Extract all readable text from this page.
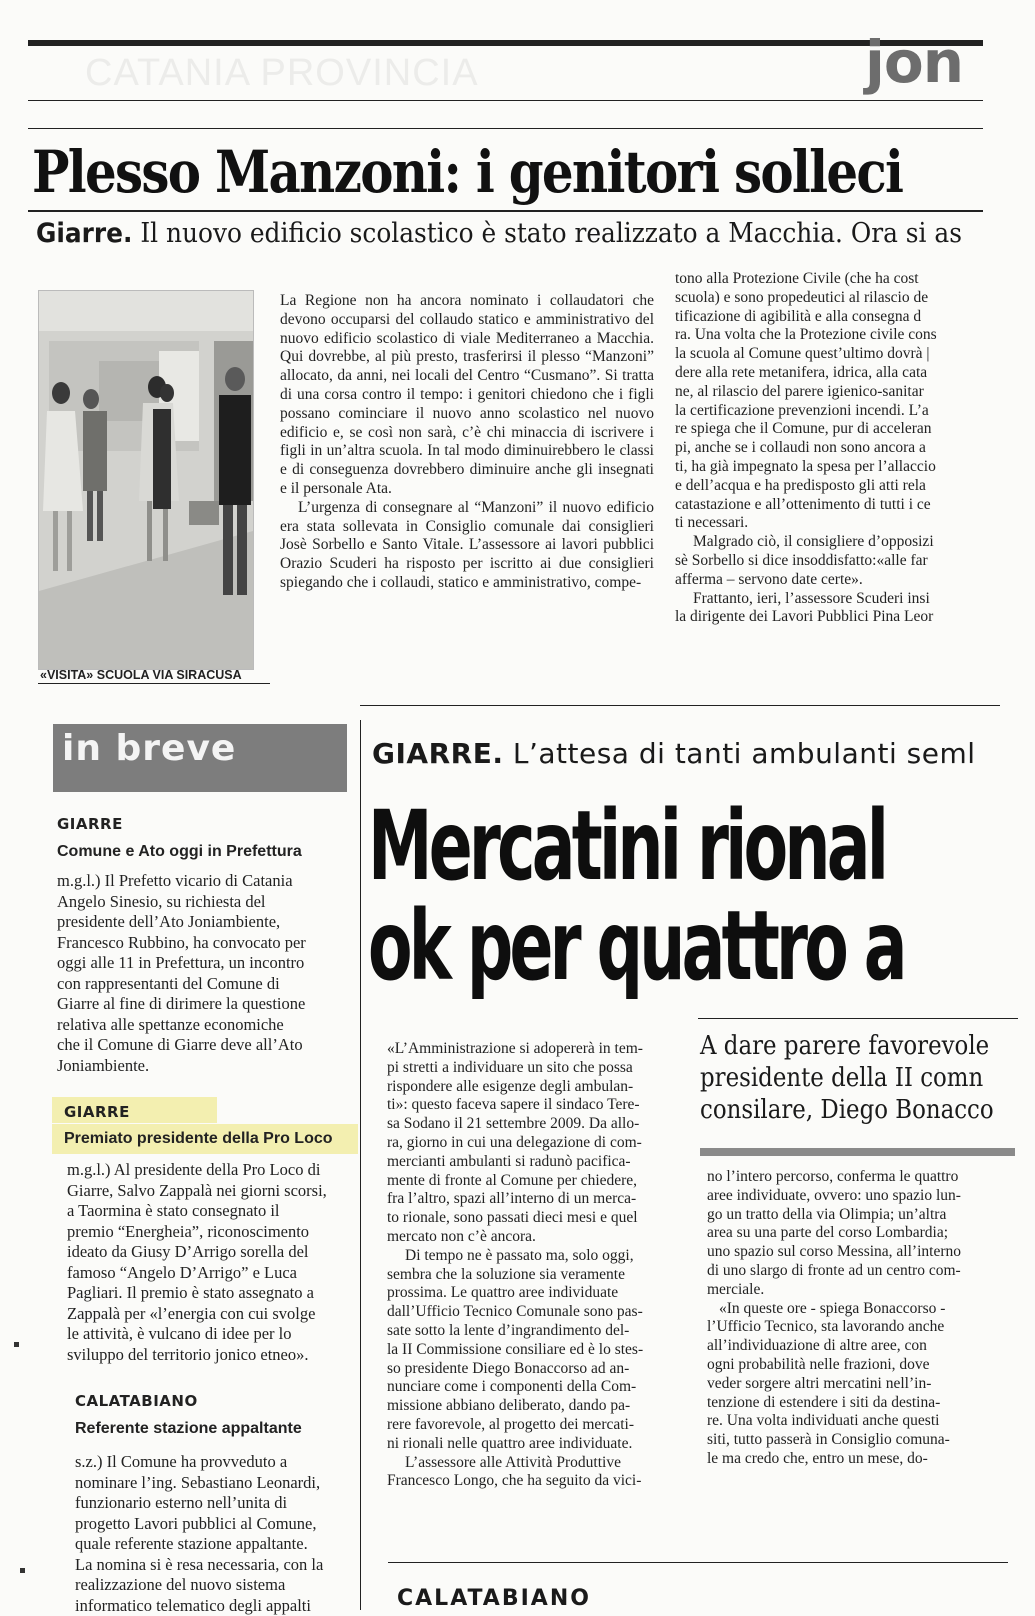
CATANIA PROVINCIA	jon
Plesso Manzoni: i genitori solleci
Giarre. Il nuovo edificio scolastico è stato realizzato a Macchia. Ora si as
«VISITA» SCUOLA VIA SIRACUSA

La Regione non ha ancora nominato i collaudatori che devono occuparsi del collaudo statico e amministrativo del nuovo edificio scolastico di viale Mediterraneo a Macchia. Qui dovrebbe, al più presto, trasferirsi il plesso “Manzoni” allocato, da anni, nei locali del Centro “Cusmano”. Si tratta di una corsa contro il tempo: i genitori chiedono che i figli possano cominciare il nuovo anno scolastico nel nuovo edificio e, se così non sarà, c’è chi minaccia di iscrivere i figli in un’altra scuola. In tal modo diminuirebbero le classi e di conseguenza dovrebbero diminuire anche gli insegnati e il personale Ata.

L’urgenza di consegnare al “Manzoni” il nuovo edificio era stata sollevata in Consiglio comunale dai consiglieri Josè Sorbello e Santo Vitale. L’assessore ai lavori pubblici Orazio Scuderi ha risposto per iscritto ai due consiglieri spiegando che i collaudi, statico e amministrativo, compe-

tono alla Protezione Civile (che ha cost
scuola) e sono propedeutici al rilascio de
tificazione di agibilità e alla consegna d
ra. Una volta che la Protezione civile cons
la scuola al Comune quest’ultimo dovrà |
dere alla rete metanifera, idrica, alla cata
ne, al rilascio del parere igienico-sanitar
la certificazione prevenzioni incendi. L’a
re spiega che il Comune, pur di acceleran
pi, anche se i collaudi non sono ancora a
ti, ha già impegnato la spesa per l’allaccio
e dell’acqua e ha predisposto gli atti rela
catastazione e all’ottenimento di tutti i ce
ti necessari.
Malgrado ciò, il consigliere d’opposizi
sè Sorbello si dice insoddisfatto:«alle far
afferma – servono date certe».
Frattanto, ieri, l’assessore Scuderi insi
la dirigente dei Lavori Pubblici Pina Leor
in breve
GIARRE
Comune e Ato oggi in Prefettura
m.g.l.) Il Prefetto vicario di Catania
Angelo Sinesio, su richiesta del
presidente dell’Ato Joniambiente,
Francesco Rubbino, ha convocato per
oggi alle 11 in Prefettura, un incontro
con rappresentanti del Comune di
Giarre al fine di dirimere la questione
relativa alle spettanze economiche
che il Comune di Giarre deve all’Ato
Joniambiente.
GIARRE
Premiato presidente della Pro Loco
m.g.l.) Al presidente della Pro Loco di
Giarre, Salvo Zappalà nei giorni scorsi,
a Taormina è stato consegnato il
premio “Energheia”, riconoscimento
ideato da Giusy D’Arrigo sorella del
famoso “Angelo D’Arrigo” e Luca
Pagliari. Il premio è stato assegnato a
Zappalà per «l’energia con cui svolge
le attività, è vulcano di idee per lo
sviluppo del territorio jonico etneo».
CALATABIANO
Referente stazione appaltante
s.z.) Il Comune ha provveduto a
nominare l’ing. Sebastiano Leonardi,
funzionario esterno nell’unita di
progetto Lavori pubblici al Comune,
quale referente stazione appaltante.
La nomina si è resa necessaria, con la
realizzazione del nuovo sistema
informatico telematico degli appalti
GIARRE. L’attesa di tanti ambulanti seml
Mercatini rional
ok per quattro a
A dare parere favorevole
presidente della II comn
consilare, Diego Bonacco
«L’Amministrazione si adopererà in tem-
pi stretti a individuare un sito che possa
rispondere alle esigenze degli ambulan-
ti»: questo faceva sapere il sindaco Tere-
sa Sodano il 21 settembre 2009. Da allo-
ra, giorno in cui una delegazione di com-
mercianti ambulanti si radunò pacifica-
mente di fronte al Comune per chiedere,
fra l’altro, spazi all’interno di un merca-
to rionale, sono passati dieci mesi e quel
mercato non c’è ancora.
Di tempo ne è passato ma, solo oggi,
sembra che la soluzione sia veramente
prossima. Le quattro aree individuate
dall’Ufficio Tecnico Comunale sono pas-
sate sotto la lente d’ingrandimento del-
la II Commissione consiliare ed è lo stes-
so presidente Diego Bonaccorso ad an-
nunciare come i componenti della Com-
missione abbiano deliberato, dando pa-
rere favorevole, al progetto dei mercati-
ni rionali nelle quattro aree individuate.
L’assessore alle Attività Produttive
Francesco Longo, che ha seguito da vici-
no l’intero percorso, conferma le quattro
aree individuate, ovvero: uno spazio lun-
go un tratto della via Olimpia; un’altra
area su una parte del corso Lombardia;
uno spazio sul corso Messina, all’interno
di uno slargo di fronte ad un centro com-
merciale.
«In queste ore - spiega Bonaccorso -
l’Ufficio Tecnico, sta lavorando anche
all’individuazione di altre aree, con
ogni probabilità nelle frazioni, dove
veder sorgere altri mercatini nell’in-
tenzione di estendere i siti da destina-
re. Una volta individuati anche questi
siti, tutto passerà in Consiglio comuna-
le ma credo che, entro un mese, do-
CALATABIANO
